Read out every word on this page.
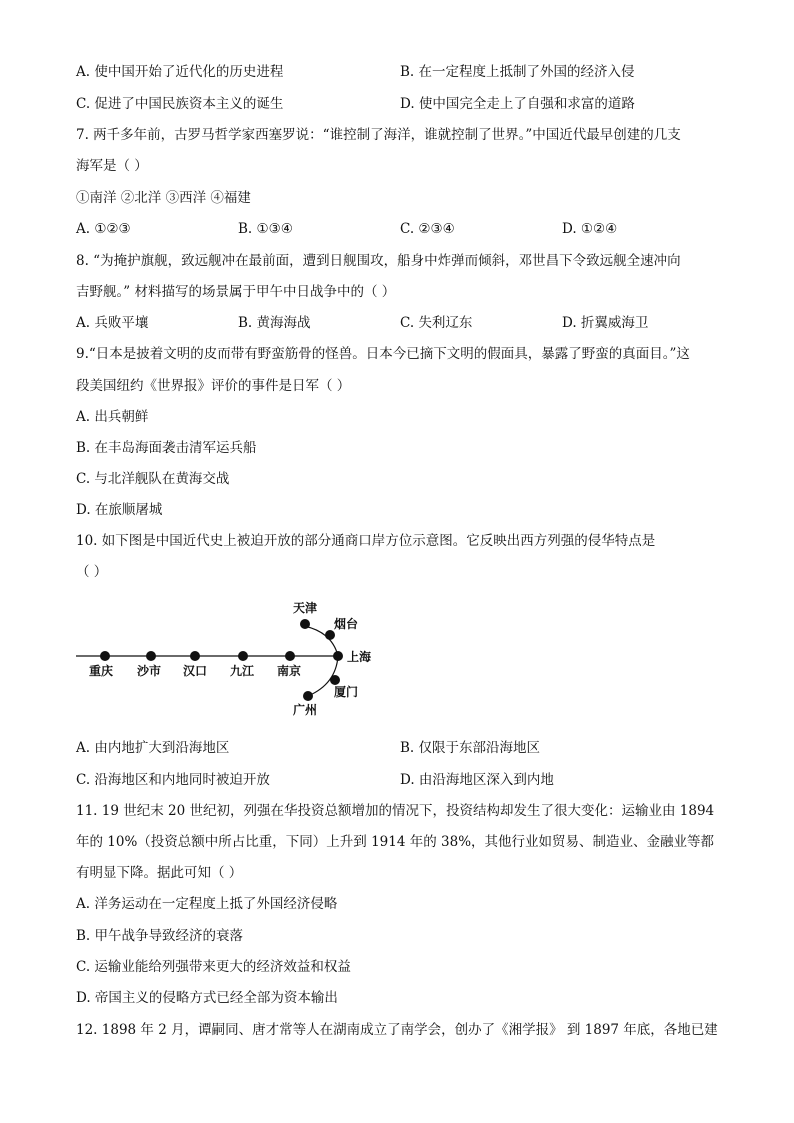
A. 使中国开始了近代化的历史进程	B. 在一定程度上抵制了外国的经济入侵
C. 促进了中国民族资本主义的诞生	D. 使中国完全走上了自强和求富的道路
7. 两千多年前，古罗马哲学家西塞罗说：“谁控制了海洋，谁就控制了世界。”中国近代最早创建的几支
海军是（ ）
①南洋 ②北洋 ③西洋 ④福建
A. ①②③	B. ①③④	C. ②③④	D. ①②④
8. “为掩护旗舰，致远舰冲在最前面，遭到日舰围攻，船身中炸弹而倾斜，邓世昌下令致远舰全速冲向
吉野舰。” 材料描写的场景属于甲午中日战争中的（ ）
A. 兵败平壤	B. 黄海海战	C. 失利辽东	D. 折翼威海卫
9.“日本是披着文明的皮而带有野蛮筋骨的怪兽。日本今已摘下文明的假面具，暴露了野蛮的真面目。”这
段美国纽约《世界报》评价的事件是日军（ ）
A. 出兵朝鲜
B. 在丰岛海面袭击清军运兵船
C. 与北洋舰队在黄海交战
D. 在旅顺屠城
10. 如下图是中国近代史上被迫开放的部分通商口岸方位示意图。它反映出西方列强的侵华特点是
（ ）
重庆 沙市 汉口 九江 南京
上海
天津
烟台
厦门
广州
A. 由内地扩大到沿海地区	B. 仅限于东部沿海地区
C. 沿海地区和内地同时被迫开放	D. 由沿海地区深入到内地
11. 19 世纪末 20 世纪初，列强在华投资总额增加的情况下，投资结构却发生了很大变化：运输业由 1894
年的 10%（投资总额中所占比重，下同）上升到 1914 年的 38%，其他行业如贸易、制造业、金融业等都
有明显下降。据此可知（ ）
A. 洋务运动在一定程度上抵了外国经济侵略
B. 甲午战争导致经济的衰落
C. 运输业能给列强带来更大的经济效益和权益
D. 帝国主义的侵略方式已经全部为资本输出
12. 1898 年 2 月，谭嗣同、唐才常等人在湖南成立了南学会，创办了《湘学报》 到 1897 年底，各地已建
